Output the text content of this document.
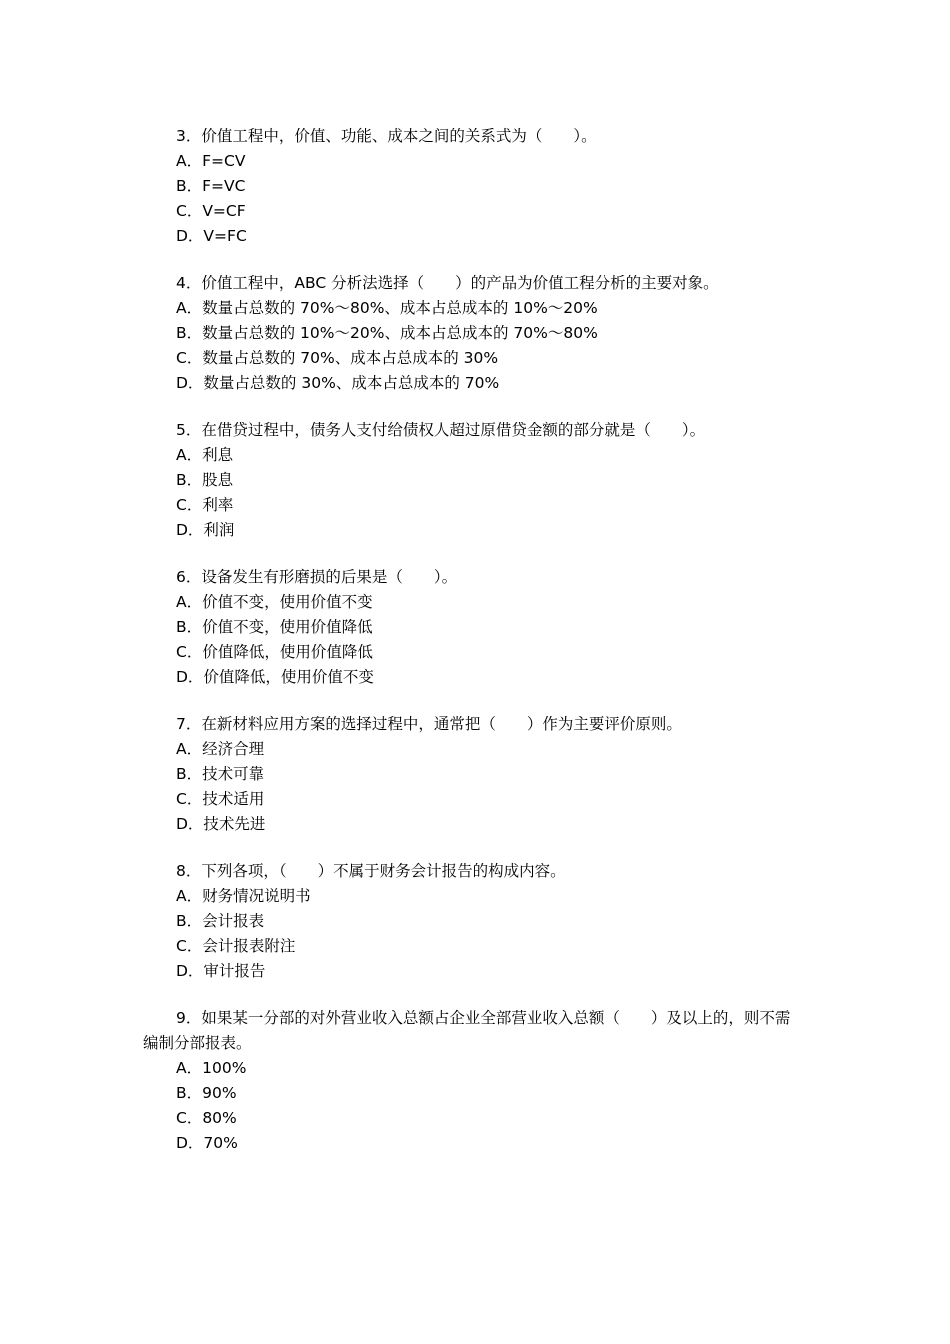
3．价值工程中，价值、功能、成本之间的关系式为（　　）。

A．F=CV

B．F=VC

C．V=CF

D．V=FC

4．价值工程中，ABC 分析法选择（　　）的产品为价值工程分析的主要对象。

A．数量占总数的 70%～80%、成本占总成本的 10%～20%

B．数量占总数的 10%～20%、成本占总成本的 70%～80%

C．数量占总数的 70%、成本占总成本的 30%

D．数量占总数的 30%、成本占总成本的 70%

5．在借贷过程中，债务人支付给债权人超过原借贷金额的部分就是（　　）。

A．利息

B．股息

C．利率

D．利润

6．设备发生有形磨损的后果是（　　）。

A．价值不变，使用价值不变

B．价值不变，使用价值降低

C．价值降低，使用价值降低

D．价值降低，使用价值不变

7．在新材料应用方案的选择过程中，通常把（　　）作为主要评价原则。

A．经济合理

B．技术可靠

C．技术适用

D．技术先进

8．下列各项，（　　）不属于财务会计报告的构成内容。

A．财务情况说明书

B．会计报表

C．会计报表附注

D．审计报告

9．如果某一分部的对外营业收入总额占企业全部营业收入总额（　　）及以上的，则不需编制分部报表。

A．100%

B．90%

C．80%

D．70%
